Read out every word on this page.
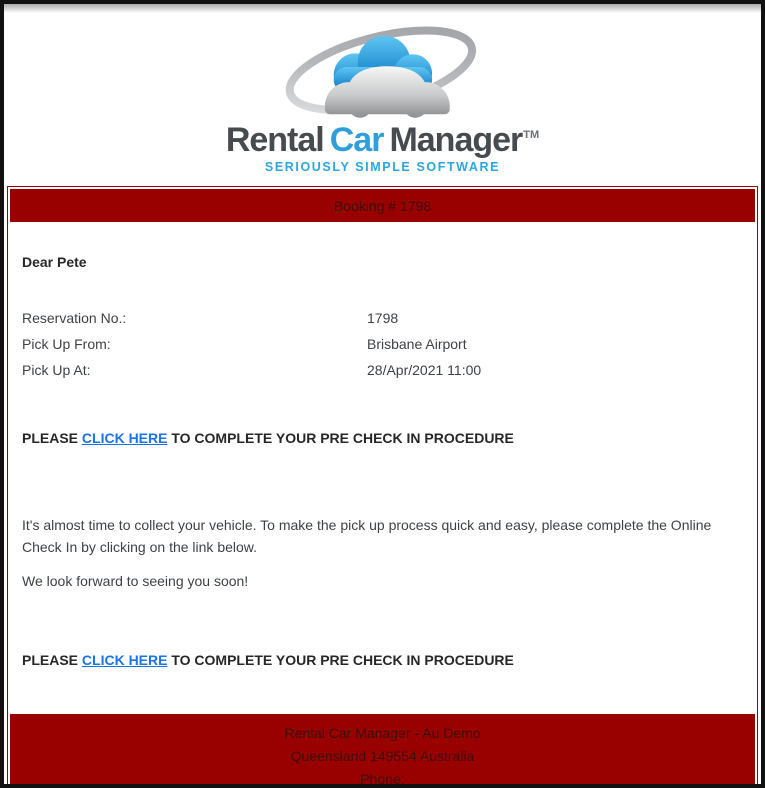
Rental Car Manager™
SERIOUSLY SIMPLE SOFTWARE
Booking # 1798

Dear Pete

Reservation No.:	1798
Pick Up From:	Brisbane Airport
Pick Up At:	28/Apr/2021 11:00

PLEASE CLICK HERE TO COMPLETE YOUR PRE CHECK IN PROCEDURE

It's almost time to collect your vehicle. To make the pick up process quick and easy, please complete the Online Check In by clicking on the link below.

We look forward to seeing you soon!

PLEASE CLICK HERE TO COMPLETE YOUR PRE CHECK IN PROCEDURE

Rental Car Manager - Au Demo
Queensland 149554 Australia
Phone:
